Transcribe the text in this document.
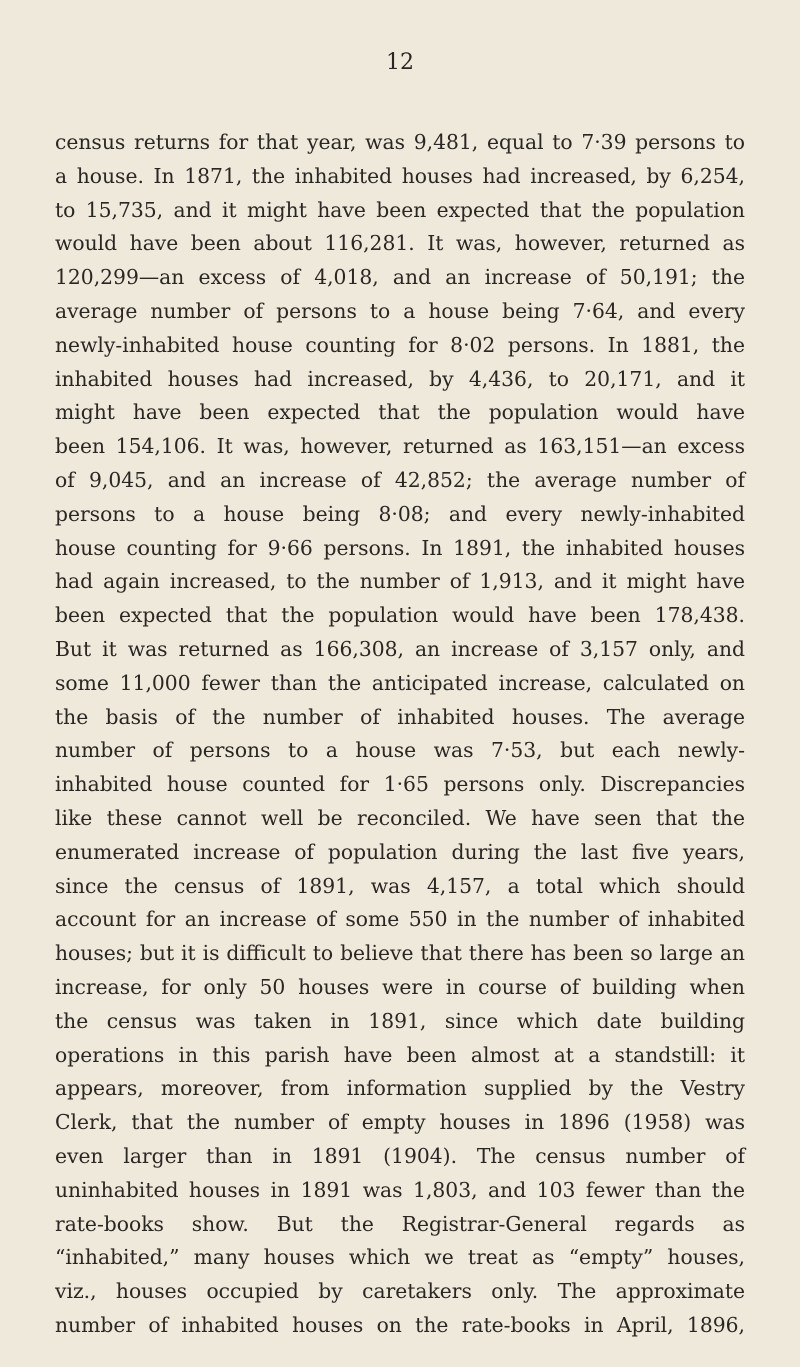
12
census returns for that year, was 9,481, equal to 7·39 persons to
a house. In 1871, the inhabited houses had increased, by 6,254,
to 15,735, and it might have been expected that the population
would have been about 116,281. It was, however, returned as
120,299—an excess of 4,018, and an increase of 50,191; the
average number of persons to a house being 7·64, and every
newly-inhabited house counting for 8·02 persons. In 1881, the
inhabited houses had increased, by 4,436, to 20,171, and it
might have been expected that the population would have
been 154,106. It was, however, returned as 163,151—an excess
of 9,045, and an increase of 42,852; the average number of
persons to a house being 8·08; and every newly-inhabited
house counting for 9·66 persons. In 1891, the inhabited houses
had again increased, to the number of 1,913, and it might have
been expected that the population would have been 178,438.
But it was returned as 166,308, an increase of 3,157 only, and
some 11,000 fewer than the anticipated increase, calculated on
the basis of the number of inhabited houses. The average
number of persons to a house was 7·53, but each newly-
inhabited house counted for 1·65 persons only. Discrepancies
like these cannot well be reconciled. We have seen that the
enumerated increase of population during the last five years,
since the census of 1891, was 4,157, a total which should
account for an increase of some 550 in the number of inhabited
houses; but it is difficult to believe that there has been so large an
increase, for only 50 houses were in course of building when
the census was taken in 1891, since which date building
operations in this parish have been almost at a standstill: it
appears, moreover, from information supplied by the Vestry
Clerk, that the number of empty houses in 1896 (1958) was
even larger than in 1891 (1904). The census number of
uninhabited houses in 1891 was 1,803, and 103 fewer than the
rate-books show. But the Registrar-General regards as
“inhabited,” many houses which we treat as “empty” houses,
viz., houses occupied by caretakers only. The approximate
number of inhabited houses on the rate-books in April, 1896,
